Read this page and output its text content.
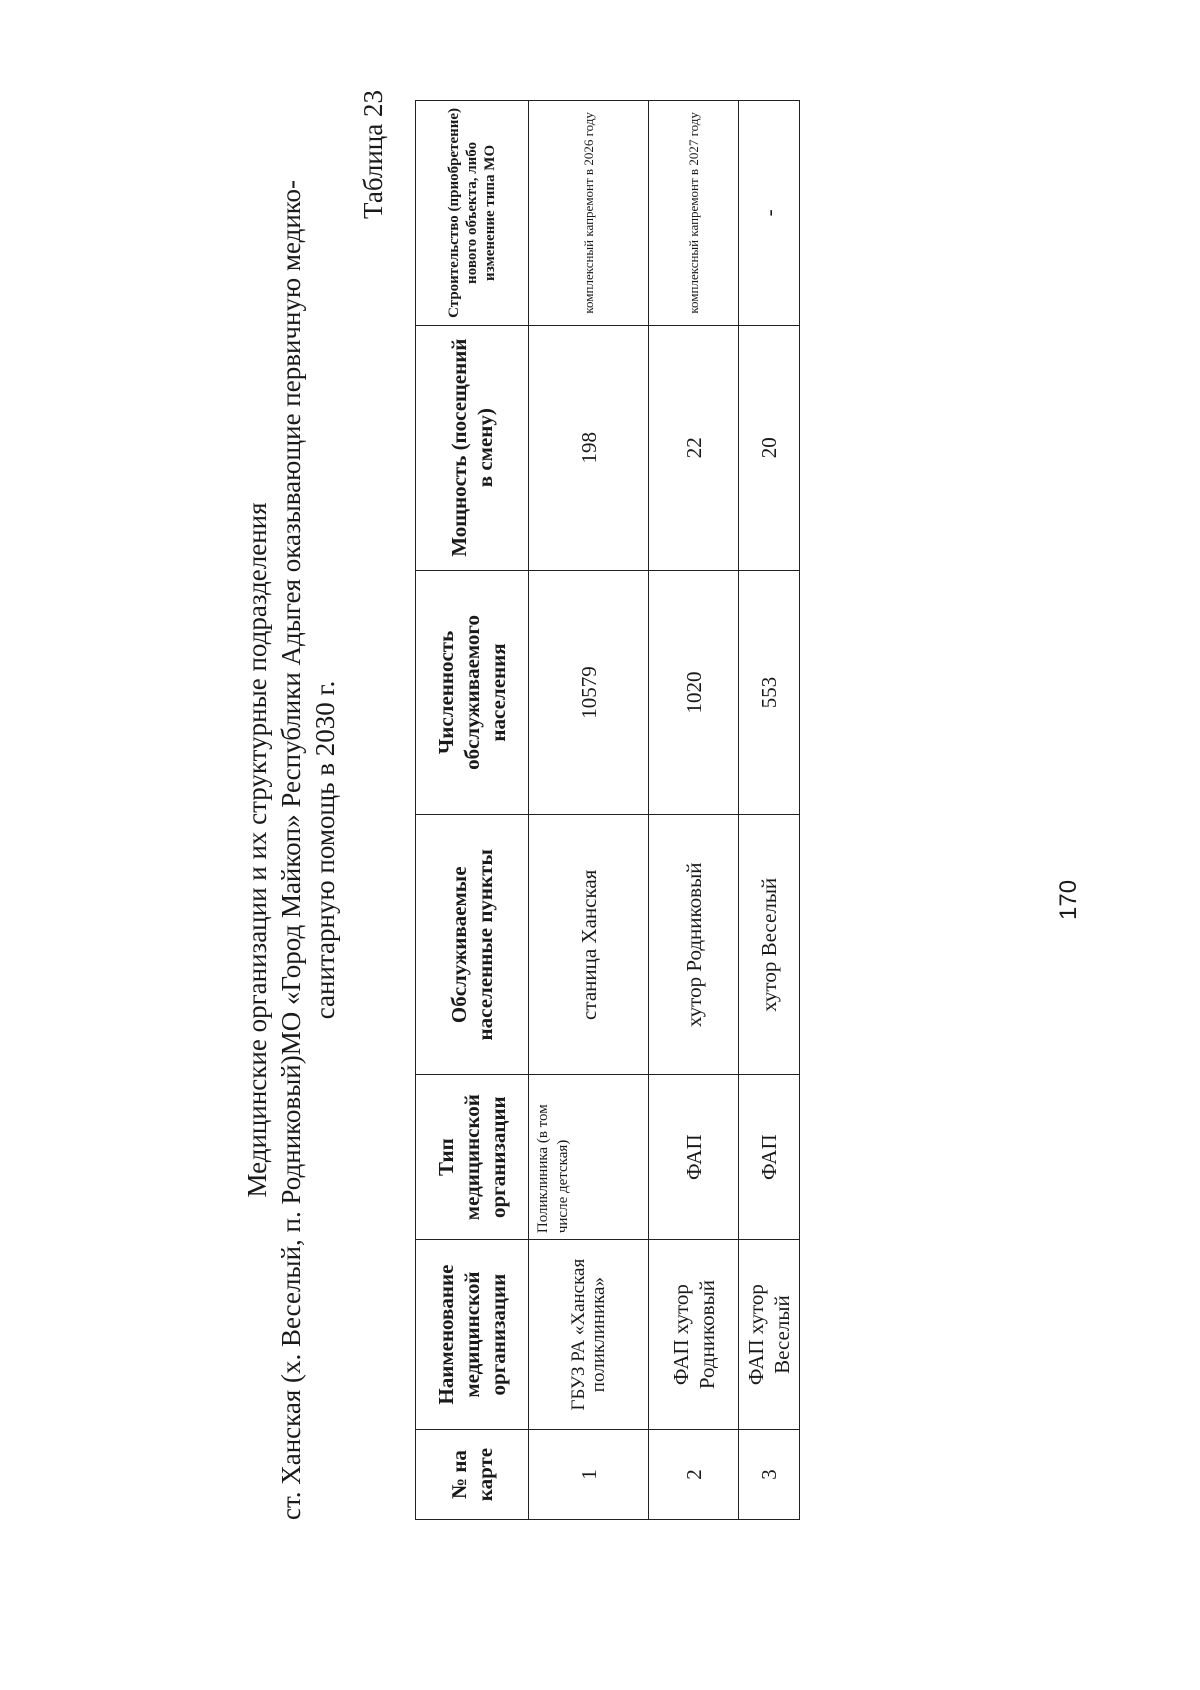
Медицинские организации и их структурные подразделения ст. Ханская (х. Веселый, п. Родниковый)МО «Город Майкоп» Республики Адыгея оказывающие первичную медико- санитарную помощь в 2030 г.
Таблица 23
№ на карте	Наименование медицинской организации	Тип медицинской организации	Обслуживаемые населенные пункты	Численность обслуживаемого населения	Мощность (посещений в смену)	Строительство (приобретение) нового объекта, либо изменение типа МО
1	ГБУЗ РА «Ханская поликлиника»	Поликлиника (в том числе детская)	станица Ханская	10579	198	комплексный капремонт в 2026 году
2	ФАП хутор Родниковый	ФАП	хутор Родниковый	1020	22	комплексный капремонт в 2027 году
3	ФАП хутор Веселый	ФАП	хутор Веселый	553	20	-
170
